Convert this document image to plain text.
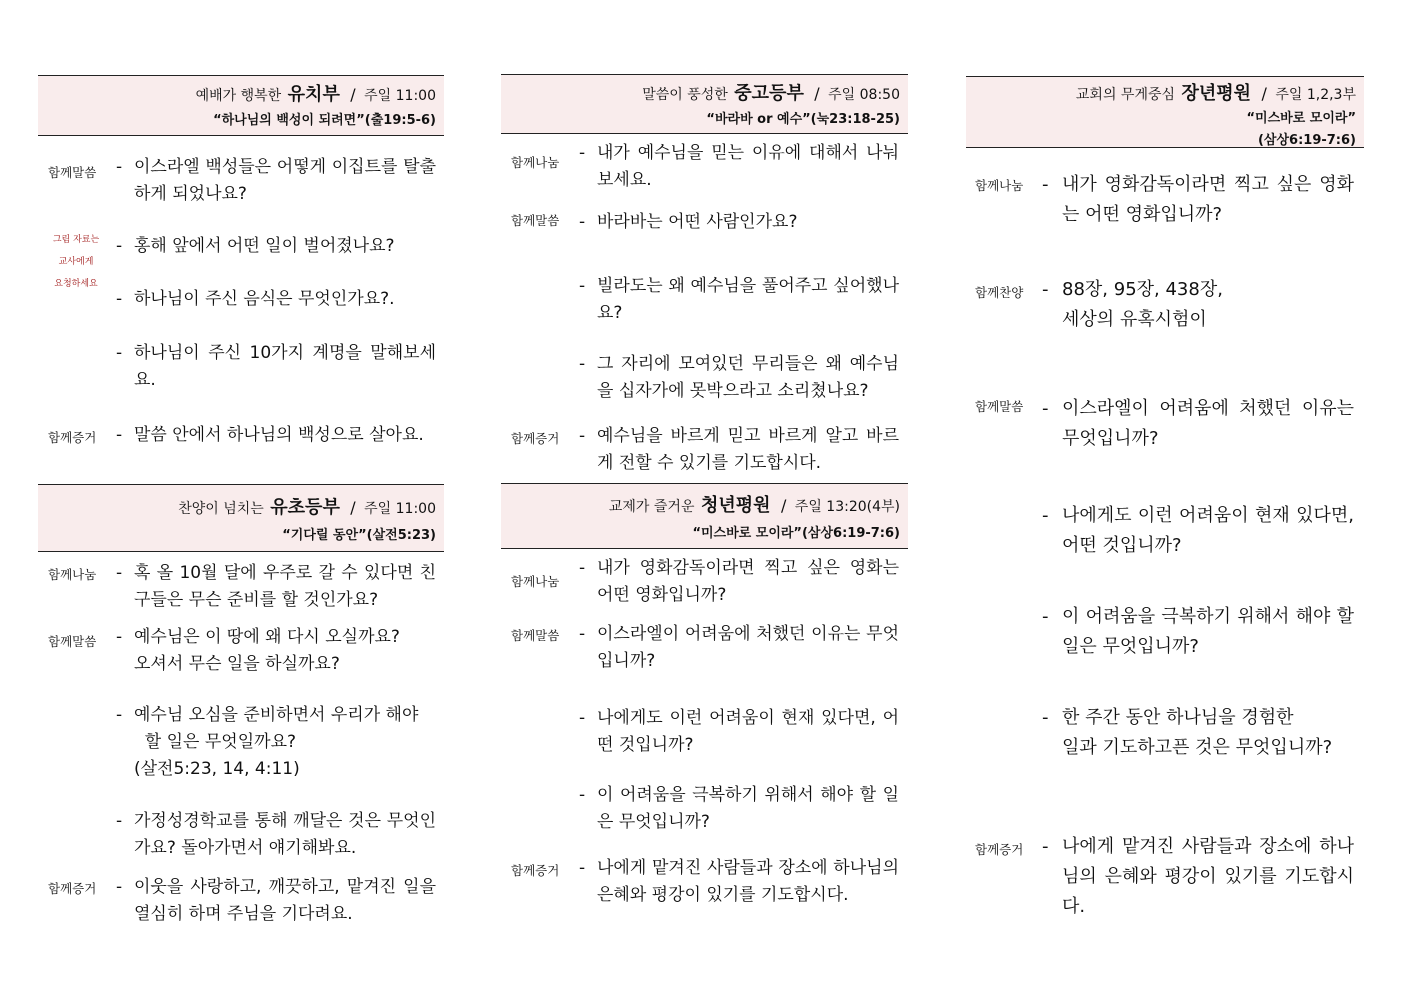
예배가 행복한 유치부 / 주일 11:00
“하나님의 백성이 되려면”(출19:5-6)
함께말씀
그림 자료는
교사에게
요청하세요
함께증거
- 이스라엘 백성들은 어떻게 이집트를 탈출하게 되었나요?
- 홍해 앞에서 어떤 일이 벌어졌나요?
- 하나님이 주신 음식은 무엇인가요?.
- 하나님이 주신 10가지 계명을 말해보세요.
- 말씀 안에서 하나님의 백성으로 살아요.
찬양이 넘치는 유초등부 / 주일 11:00
“기다릴 동안”(살전5:23)
함께나눔
함께말씀
함께증거
- 혹 올 10월 달에 우주로 갈 수 있다면 친구들은 무슨 준비를 할 것인가요?
- 예수님은 이 땅에 왜 다시 오실까요?
오셔서 무슨 일을 하실까요?
- 예수님 오심을 준비하면서 우리가 해야
할 일은 무엇일까요?
(살전5:23, 14, 4:11)
- 가정성경학교를 통해 깨달은 것은 무엇인가요? 돌아가면서 얘기해봐요.
- 이웃을 사랑하고, 깨끗하고, 맡겨진 일을 열심히 하며 주님을 기다려요.
말씀이 풍성한 중고등부 / 주일 08:50
“바라바 or 예수”(눅23:18-25)
함께나눔
함께말씀
함께증거
- 내가 예수님을 믿는 이유에 대해서 나눠보세요.
- 바라바는 어떤 사람인가요?
- 빌라도는 왜 예수님을 풀어주고 싶어했나요?
- 그 자리에 모여있던 무리들은 왜 예수님을 십자가에 못박으라고 소리쳤나요?
- 예수님을 바르게 믿고 바르게 알고 바르게 전할 수 있기를 기도합시다.
교제가 즐거운 청년평원 / 주일 13:20(4부)
“미스바로 모이라”(삼상6:19-7:6)
함께나눔
함께말씀
함께증거
- 내가 영화감독이라면 찍고 싶은 영화는 어떤 영화입니까?
- 이스라엘이 어려움에 처했던 이유는 무엇입니까?
- 나에게도 이런 어려움이 현재 있다면, 어떤 것입니까?
- 이 어려움을 극복하기 위해서 해야 할 일은 무엇입니까?
- 나에게 맡겨진 사람들과 장소에 하나님의 은혜와 평강이 있기를 기도합시다.
교회의 무게중심 장년평원 / 주일 1,2,3부
“미스바로 모이라”
(삼상6:19-7:6)
함께나눔
함께찬양
함께말씀
함께증거
- 내가 영화감독이라면 찍고 싶은 영화는 어떤 영화입니까?
- 88장, 95장, 438장,
세상의 유혹시험이
- 이스라엘이 어려움에 처했던 이유는 무엇입니까?
- 나에게도 이런 어려움이 현재 있다면, 어떤 것입니까?
- 이 어려움을 극복하기 위해서 해야 할 일은 무엇입니까?
- 한 주간 동안 하나님을 경험한
일과 기도하고픈 것은 무엇입니까?
- 나에게 맡겨진 사람들과 장소에 하나님의 은혜와 평강이 있기를 기도합시다.
